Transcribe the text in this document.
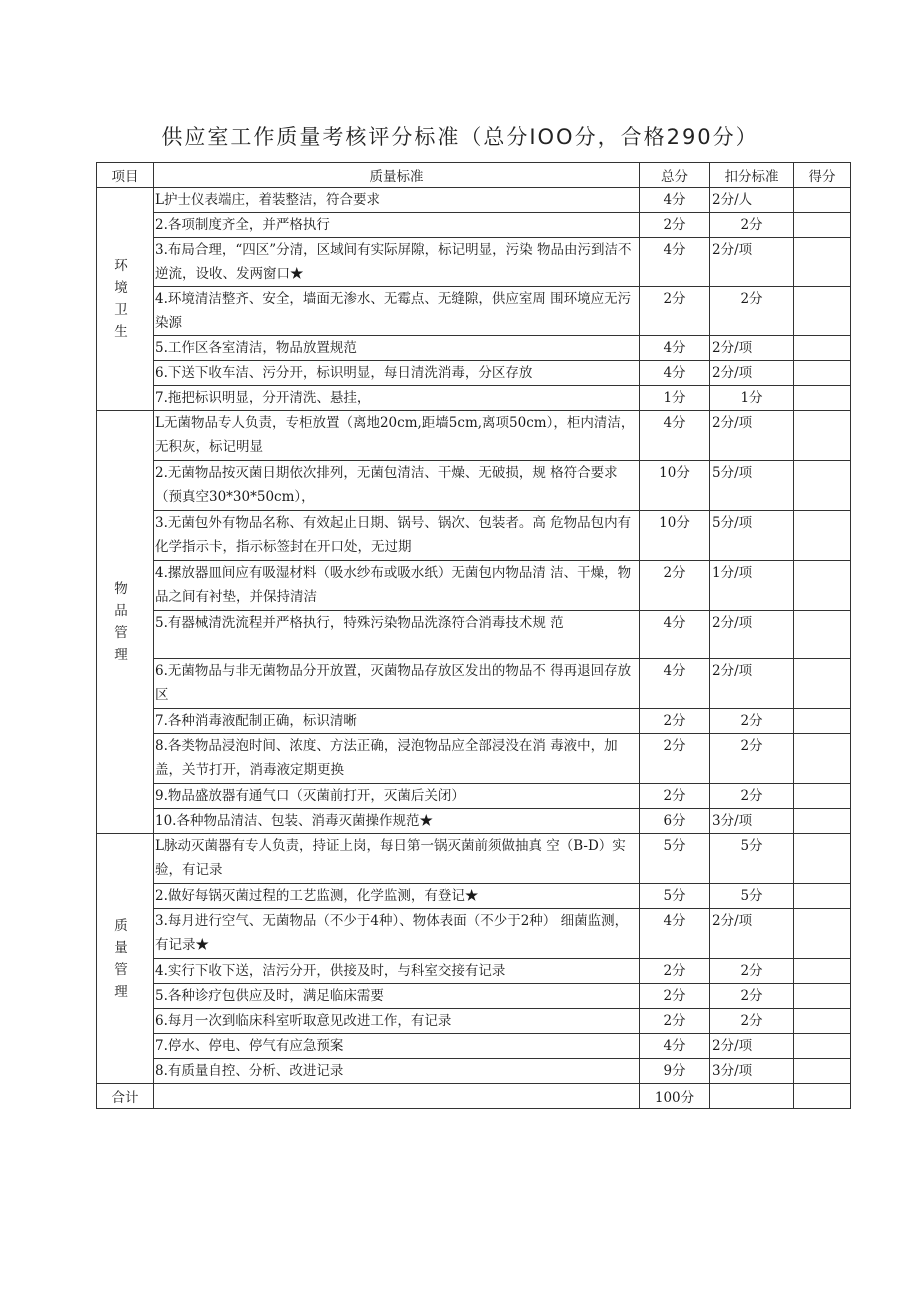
供应室工作质量考核评分标准（总分IOO分，合格290分）
项目	质量标准	总分	扣分标准	得分

环 境
卫 生	L护士仪表端庄，着装整洁，符合要求	4分	2分/人	
	2.各项制度齐全，并严格执行	2分	2分	
	3.布局合理，“四区”分清，区域间有实际屏隙，标记明显，污染 物品由污到洁不逆流，设收、发两窗口★	4分	2分/项	
	4.环境清洁整齐、安全，墙面无渗水、无霉点、无缝隙，供应室周 围环境应无污染源	2分	2分	
	5.工作区各室清洁，物品放置规范	4分	2分/项	
	6.下送下收车洁、污分开，标识明显，每日清洗消毒，分区存放	4分	2分/项	
	7.拖把标识明显，分开清洗、悬挂，	1分	1分	

物 品
管 理	L无菌物品专人负责，专柜放置（离地20cm,距墙5cm,离项50cm），柜内清洁，无积灰，标记明显	4分	2分/项	
	2.无菌物品按灭菌日期依次排列，无菌包清洁、干燥、无破损，规 格符合要求（预真空30*30*50cm），	10分	5分/项	
	3.无菌包外有物品名称、有效起止日期、锅号、锅次、包装者。高 危物品包内有化学指示卡，指示标签封在开口处，无过期	10分	5分/项	
	4.摞放器皿间应有吸湿材料（吸水纱布或吸水纸）无菌包内物品清 洁、干燥，物品之间有衬垫，并保持清洁	2分	1分/项	
	5.有器械清洗流程并严格执行，特殊污染物品洗涤符合消毒技术规 范	4分	2分/项	
	6.无菌物品与非无菌物品分开放置，灭菌物品存放区发出的物品不 得再退回存放区	4分	2分/项	
	7.各种消毒液配制正确，标识清晰	2分	2分	
	8.各类物品浸泡时间、浓度、方法正确，浸泡物品应全部浸没在消 毒液中，加盖，关节打开，消毒液定期更换	2分	2分	
	9.物品盛放器有通气口（灭菌前打开，灭菌后关闭）	2分	2分	
	10.各种物品清洁、包装、消毒灭菌操作规范★	6分	3分/项	

质
量
管
理	L脉动灭菌器有专人负责，持证上岗，每日第一锅灭菌前须做抽真 空（B-D）实验，有记录	5分	5分	
	2.做好每锅灭菌过程的工艺监测，化学监测，有登记★	5分	5分	
	3.每月进行空气、无菌物品（不少于4种）、物体表面（不少于2种） 细菌监测，有记录★	4分	2分/项	
	4.实行下收下送，洁污分开，供接及时，与科室交接有记录	2分	2分	
	5.各种诊疗包供应及时，满足临床需要	2分	2分	
	6.每月一次到临床科室听取意见改进工作，有记录	2分	2分	
	7.停水、停电、停气有应急预案	4分	2分/项	
	8.有质量自控、分析、改进记录	9分	3分/项	
合计		100分		
